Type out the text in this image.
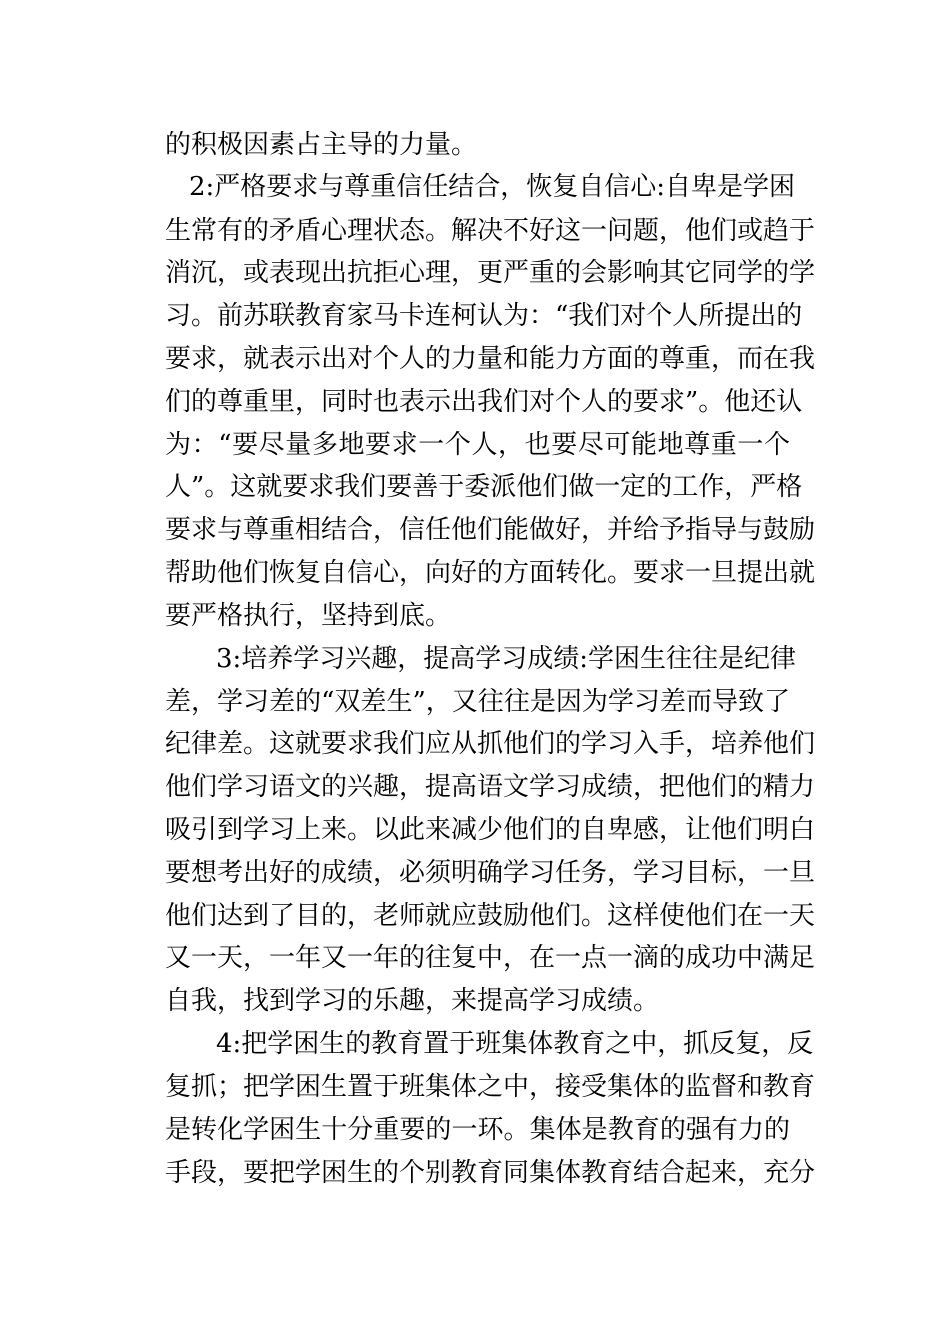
的积极因素占主导的力量。
2:严格要求与尊重信任结合，恢复自信心:自卑是学困
生常有的矛盾心理状态。解决不好这一问题，他们或趋于
消沉，或表现出抗拒心理，更严重的会影响其它同学的学
习。前苏联教育家马卡连柯认为：“我们对个人所提出的
要求，就表示出对个人的力量和能力方面的尊重，而在我
们的尊重里，同时也表示出我们对个人的要求”。他还认
为：“要尽量多地要求一个人，也要尽可能地尊重一个
人”。这就要求我们要善于委派他们做一定的工作，严格
要求与尊重相结合，信任他们能做好，并给予指导与鼓励
帮助他们恢复自信心，向好的方面转化。要求一旦提出就
要严格执行，坚持到底。
3:培养学习兴趣，提高学习成绩:学困生往往是纪律
差，学习差的“双差生”，又往往是因为学习差而导致了
纪律差。这就要求我们应从抓他们的学习入手，培养他们
他们学习语文的兴趣，提高语文学习成绩，把他们的精力
吸引到学习上来。以此来减少他们的自卑感，让他们明白
要想考出好的成绩，必须明确学习任务，学习目标，一旦
他们达到了目的，老师就应鼓励他们。这样使他们在一天
又一天，一年又一年的往复中，在一点一滴的成功中满足
自我，找到学习的乐趣，来提高学习成绩。
4:把学困生的教育置于班集体教育之中，抓反复，反
复抓；把学困生置于班集体之中，接受集体的监督和教育
是转化学困生十分重要的一环。集体是教育的强有力的
手段，要把学困生的个别教育同集体教育结合起来，充分
